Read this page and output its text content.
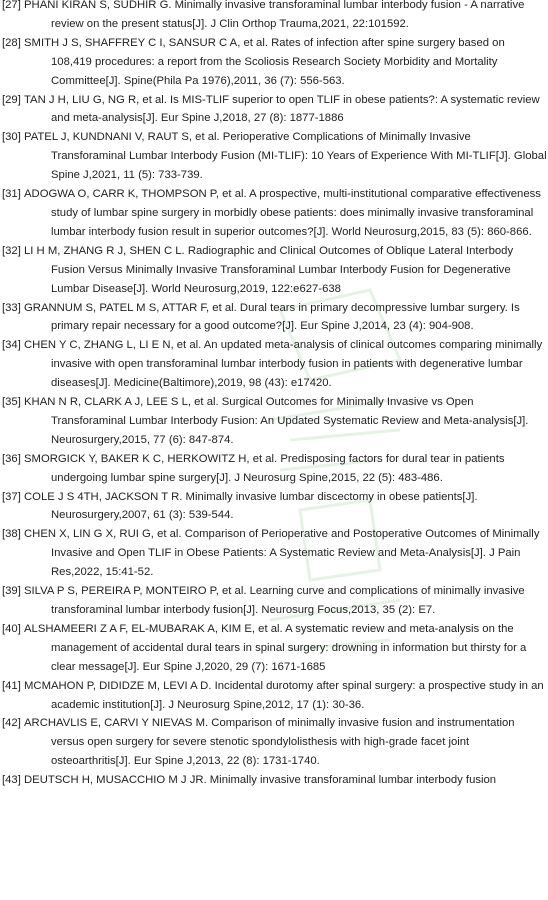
[27] PHANI KIRAN S, SUDHIR G. Minimally invasive transforaminal lumbar interbody fusion - A narrative review on the present status[J]. J Clin Orthop Trauma,2021, 22:101592.
[28] SMITH J S, SHAFFREY C I, SANSUR C A, et al. Rates of infection after spine surgery based on 108,419 procedures: a report from the Scoliosis Research Society Morbidity and Mortality Committee[J]. Spine(Phila Pa 1976),2011, 36 (7): 556-563.
[29] TAN J H, LIU G, NG R, et al. Is MIS-TLIF superior to open TLIF in obese patients?: A systematic review and meta-analysis[J]. Eur Spine J,2018, 27 (8): 1877-1886
[30] PATEL J, KUNDNANI V, RAUT S, et al. Perioperative Complications of Minimally Invasive Transforaminal Lumbar Interbody Fusion (MI-TLIF): 10 Years of Experience With MI-TLIF[J]. Global Spine J,2021, 11 (5): 733-739.
[31] ADOGWA O, CARR K, THOMPSON P, et al. A prospective, multi-institutional comparative effectiveness study of lumbar spine surgery in morbidly obese patients: does minimally invasive transforaminal lumbar interbody fusion result in superior outcomes?[J]. World Neurosurg,2015, 83 (5): 860-866.
[32] LI H M, ZHANG R J, SHEN C L. Radiographic and Clinical Outcomes of Oblique Lateral Interbody Fusion Versus Minimally Invasive Transforaminal Lumbar Interbody Fusion for Degenerative Lumbar Disease[J]. World Neurosurg,2019, 122:e627-638
[33] GRANNUM S, PATEL M S, ATTAR F, et al. Dural tears in primary decompressive lumbar surgery. Is primary repair necessary for a good outcome?[J]. Eur Spine J,2014, 23 (4): 904-908.
[34] CHEN Y C, ZHANG L, LI E N, et al. An updated meta-analysis of clinical outcomes comparing minimally invasive with open transforaminal lumbar interbody fusion in patients with degenerative lumbar diseases[J]. Medicine(Baltimore),2019, 98 (43): e17420.
[35] KHAN N R, CLARK A J, LEE S L, et al. Surgical Outcomes for Minimally Invasive vs Open Transforaminal Lumbar Interbody Fusion: An Updated Systematic Review and Meta-analysis[J]. Neurosurgery,2015, 77 (6): 847-874.
[36] SMORGICK Y, BAKER K C, HERKOWITZ H, et al. Predisposing factors for dural tear in patients undergoing lumbar spine surgery[J]. J Neurosurg Spine,2015, 22 (5): 483-486.
[37] COLE J S 4TH, JACKSON T R. Minimally invasive lumbar discectomy in obese patients[J]. Neurosurgery,2007, 61 (3): 539-544.
[38] CHEN X, LIN G X, RUI G, et al. Comparison of Perioperative and Postoperative Outcomes of Minimally Invasive and Open TLIF in Obese Patients: A Systematic Review and Meta-Analysis[J]. J Pain Res,2022, 15:41-52.
[39] SILVA P S, PEREIRA P, MONTEIRO P, et al. Learning curve and complications of minimally invasive transforaminal lumbar interbody fusion[J]. Neurosurg Focus,2013, 35 (2): E7.
[40] ALSHAMEERI Z A F, EL-MUBARAK A, KIM E, et al. A systematic review and meta-analysis on the management of accidental dural tears in spinal surgery: drowning in information but thirsty for a clear message[J]. Eur Spine J,2020, 29 (7): 1671-1685
[41] MCMAHON P, DIDIDZE M, LEVI A D. Incidental durotomy after spinal surgery: a prospective study in an academic institution[J]. J Neurosurg Spine,2012, 17 (1): 30-36.
[42] ARCHAVLIS E, CARVI Y NIEVAS M. Comparison of minimally invasive fusion and instrumentation versus open surgery for severe stenotic spondylolisthesis with high-grade facet joint osteoarthritis[J]. Eur Spine J,2013, 22 (8): 1731-1740.
[43] DEUTSCH H, MUSACCHIO M J JR. Minimally invasive transforaminal lumbar interbody fusion
